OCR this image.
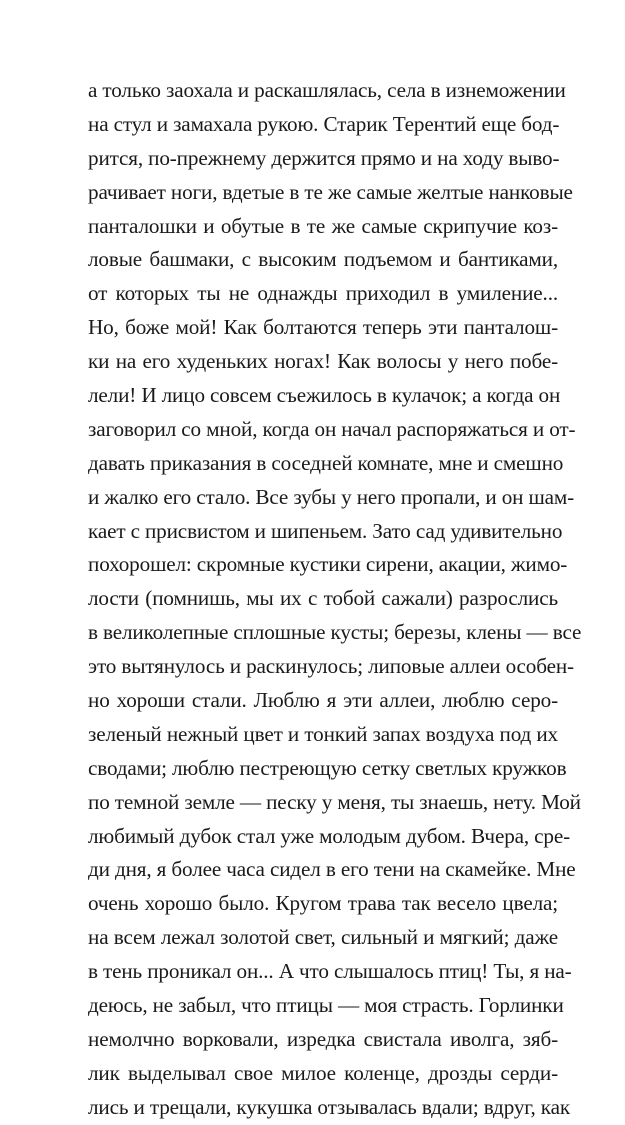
а только заохала и раскашлялась, села в изнеможении
на стул и замахала рукою. Старик Терентий еще бод-
рится, по-прежнему держится прямо и на ходу выво-
рачивает ноги, вдетые в те же самые желтые нанковые
панталошки и обутые в те же самые скрипучие коз-
ловые башмаки, с высоким подъемом и бантиками,
от которых ты не однажды приходил в умиление...
Но, боже мой! Как болтаются теперь эти панталош-
ки на его худеньких ногах! Как волосы у него побе-
лели! И лицо совсем съежилось в кулачок; а когда он
заговорил со мной, когда он начал распоряжаться и от-
давать приказания в соседней комнате, мне и смешно
и жалко его стало. Все зубы у него пропали, и он шам-
кает с присвистом и шипеньем. Зато сад удивительно
похорошел: скромные кустики сирени, акации, жимо-
лости (помнишь, мы их с тобой сажали) разрослись
в великолепные сплошные кусты; березы, клены — все
это вытянулось и раскинулось; липовые аллеи особен-
но хороши стали. Люблю я эти аллеи, люблю серо-
зеленый нежный цвет и тонкий запах воздуха под их
сводами; люблю пестреющую сетку светлых кружков
по темной земле — песку у меня, ты знаешь, нету. Мой
любимый дубок стал уже молодым дубом. Вчера, сре-
ди дня, я более часа сидел в его тени на скамейке. Мне
очень хорошо было. Кругом трава так весело цвела;
на всем лежал золотой свет, сильный и мягкий; даже
в тень проникал он... А что слышалось птиц! Ты, я на-
деюсь, не забыл, что птицы — моя страсть. Горлинки
немолчно ворковали, изредка свистала иволга, зяб-
лик выделывал свое милое коленце, дрозды серди-
лись и трещали, кукушка отзывалась вдали; вдруг, как
